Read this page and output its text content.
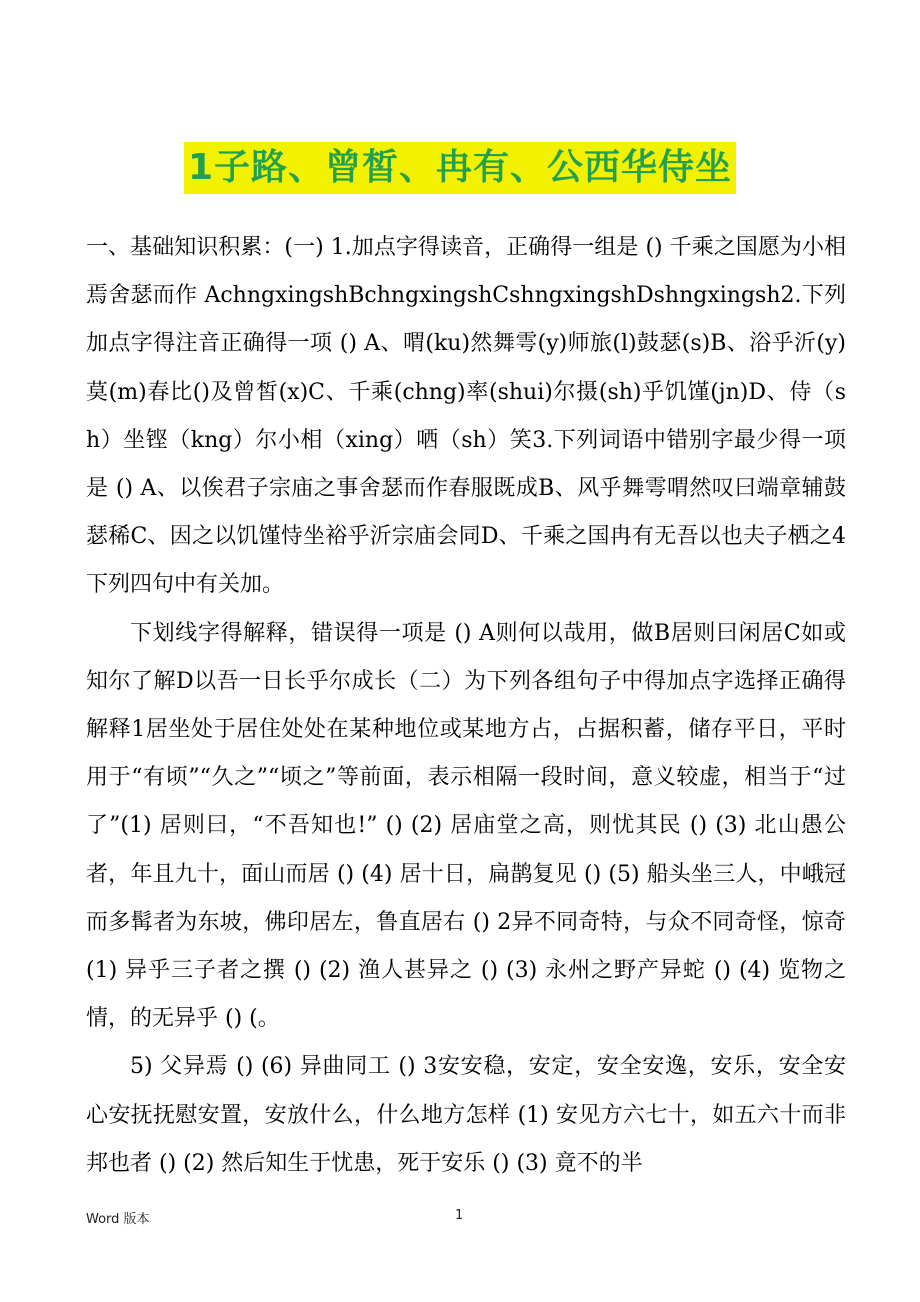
1子路、曾皙、冉有、公西华侍坐

一、基础知识积累：(一) 1.加点字得读音，正确得一组是 () 千乘之国愿为小相焉舍瑟而作 AchngxingshBchngxingshCshngxingshDshngxingsh2.下列加点字得注音正确得一项 () A、喟(ku)然舞雩(y)师旅(l)鼓瑟(s)B、浴乎沂(y)莫(m)春比()及曾皙(x)C、千乘(chng)率(shui)尔摄(sh)乎饥馑(jn)D、侍（sh）坐铿（kng）尔小相（xing）哂（sh）笑3.下列词语中错别字最少得一项是 () A、以俟君子宗庙之事舍瑟而作春服既成B、风乎舞雩喟然叹曰端章辅鼓瑟稀C、因之以饥馑恃坐裕乎沂宗庙会同D、千乘之国冉有无吾以也夫子栖之4下列四句中有关加。

下划线字得解释，错误得一项是 () A则何以哉用，做B居则曰闲居C如或知尔了解D以吾一日长乎尔成长（二）为下列各组句子中得加点字选择正确得解释1居坐处于居住处处在某种地位或某地方占，占据积蓄，储存平日，平时用于“有顷”“久之”“顷之”等前面，表示相隔一段时间，意义较虚，相当于“过了”(1) 居则曰，“不吾知也!” () (2) 居庙堂之高，则忧其民 () (3) 北山愚公者，年且九十，面山而居 () (4) 居十日，扁鹊复见 () (5) 船头坐三人，中峨冠而多髯者为东坡，佛印居左，鲁直居右 () 2异不同奇特，与众不同奇怪，惊奇 (1) 异乎三子者之撰 () (2) 渔人甚异之 () (3) 永州之野产异蛇 () (4) 览物之情，的无异乎 () (。

5) 父异焉 () (6) 异曲同工 () 3安安稳，安定，安全安逸，安乐，安全安心安抚抚慰安置，安放什么，什么地方怎样 (1) 安见方六七十，如五六十而非邦也者 () (2) 然后知生于忧患，死于安乐 () (3) 竟不的半

Word 版本	1
